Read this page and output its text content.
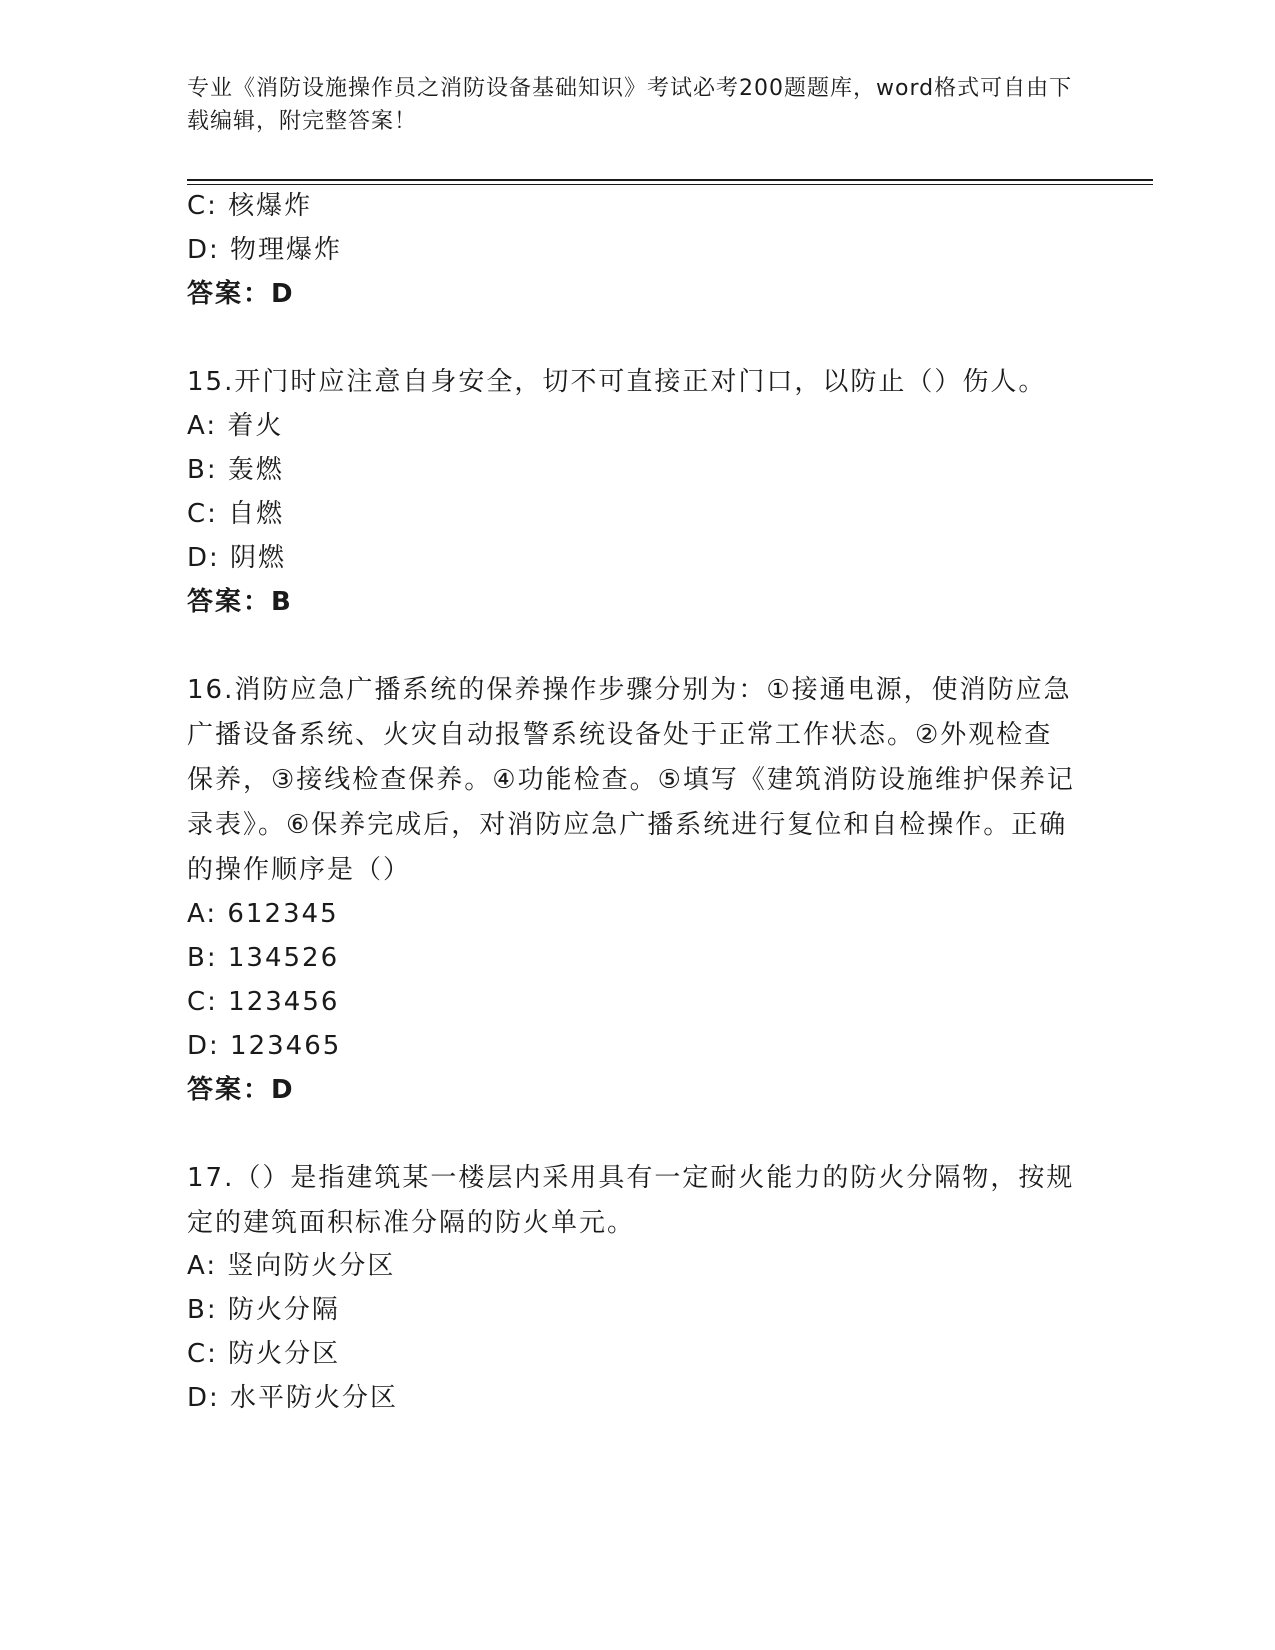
专业《消防设施操作员之消防设备基础知识》考试必考200题题库，word格式可自由下载编辑，附完整答案！
C: 核爆炸
D: 物理爆炸
答案：D
15.开门时应注意自身安全，切不可直接正对门口，以防止（）伤人。
A: 着火
B: 轰燃
C: 自燃
D: 阴燃
答案：B
16.消防应急广播系统的保养操作步骤分别为：①接通电源，使消防应急广播设备系统、火灾自动报警系统设备处于正常工作状态。②外观检查保养，③接线检查保养。④功能检查。⑤填写《建筑消防设施维护保养记录表》。⑥保养完成后，对消防应急广播系统进行复位和自检操作。正确的操作顺序是（）
A: 612345
B: 134526
C: 123456
D: 123465
答案：D
17.（）是指建筑某一楼层内采用具有一定耐火能力的防火分隔物，按规定的建筑面积标准分隔的防火单元。
A: 竖向防火分区
B: 防火分隔
C: 防火分区
D: 水平防火分区
